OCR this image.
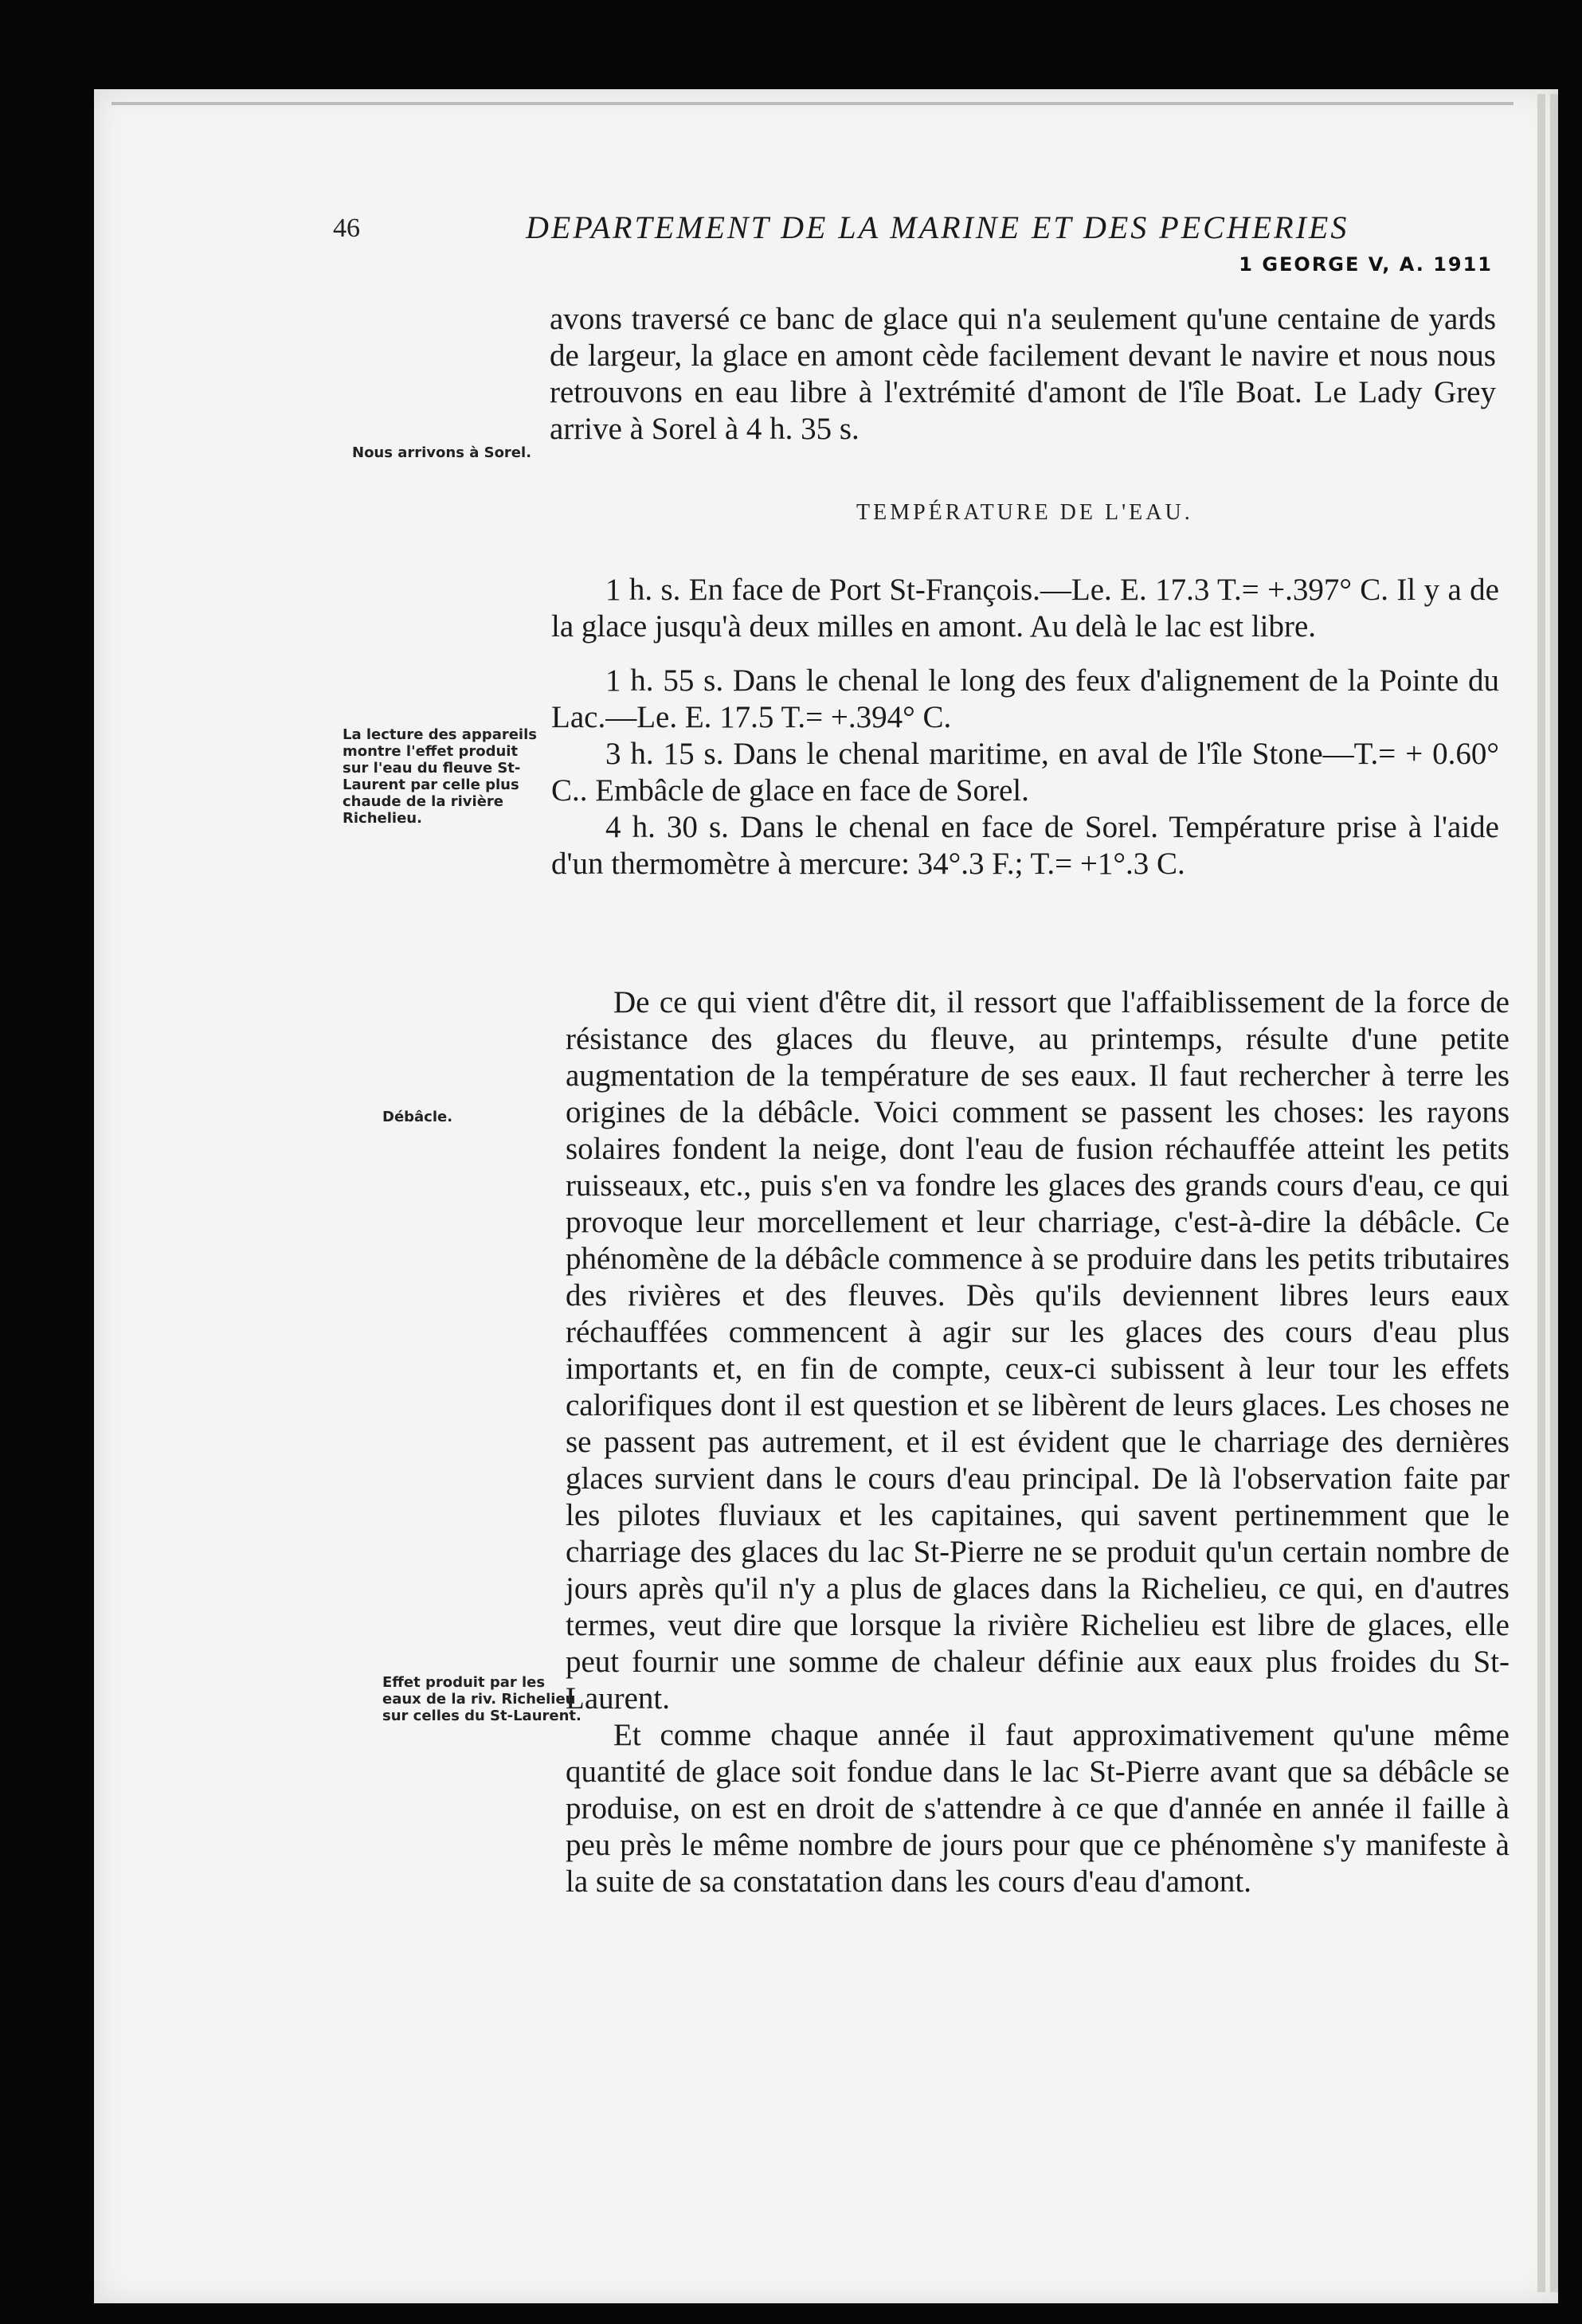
46	DEPARTEMENT DE LA MARINE ET DES PECHERIES
1 GEORGE V, A. 1911

avons traversé ce banc de glace qui n'a seulement qu'une centaine de yards de largeur, la glace en amont cède facilement devant le navire et nous nous retrouvons en eau libre à l'extrémité d'amont de l'île Boat. Le Lady Grey arrive à Sorel à 4 h. 35 s.

Nous arrivons à Sorel.
TEMPÉRATURE DE L'EAU.

1 h. s. En face de Port St-François.—Le. E. 17.3 T.= +.397° C. Il y a de la glace jusqu'à deux milles en amont. Au delà le lac est libre.

1 h. 55 s. Dans le chenal le long des feux d'alignement de la Pointe du Lac.—Le. E. 17.5 T.= +.394° C.

3 h. 15 s. Dans le chenal maritime, en aval de l'île Stone—T.= + 0.60° C.. Embâcle de glace en face de Sorel.

4 h. 30 s. Dans le chenal en face de Sorel. Température prise à l'aide d'un thermomètre à mercure: 34°.3 F.; T.= +1°.3 C.

La lecture des appareils montre l'effet produit sur l'eau du fleuve St-Laurent par celle plus chaude de la rivière Richelieu.

De ce qui vient d'être dit, il ressort que l'affaiblissement de la force de résistance des glaces du fleuve, au printemps, résulte d'une petite augmentation de la température de ses eaux. Il faut rechercher à terre les origines de la débâcle. Voici comment se passent les choses: les rayons solaires fondent la neige, dont l'eau de fusion réchauffée atteint les petits ruisseaux, etc., puis s'en va fondre les glaces des grands cours d'eau, ce qui provoque leur morcellement et leur charriage, c'est-à-dire la débâcle. Ce phénomène de la débâcle commence à se produire dans les petits tributaires des rivières et des fleuves. Dès qu'ils deviennent libres leurs eaux réchauffées commencent à agir sur les glaces des cours d'eau plus importants et, en fin de compte, ceux-ci subissent à leur tour les effets calorifiques dont il est question et se libèrent de leurs glaces. Les choses ne se passent pas autrement, et il est évident que le charriage des dernières glaces survient dans le cours d'eau principal. De là l'observation faite par les pilotes fluviaux et les capitaines, qui savent pertinemment que le charriage des glaces du lac St-Pierre ne se produit qu'un certain nombre de jours après qu'il n'y a plus de glaces dans la Richelieu, ce qui, en d'autres termes, veut dire que lorsque la rivière Richelieu est libre de glaces, elle peut fournir une somme de chaleur définie aux eaux plus froides du St-Laurent.

Et comme chaque année il faut approximativement qu'une même quantité de glace soit fondue dans le lac St-Pierre avant que sa débâcle se produise, on est en droit de s'attendre à ce que d'année en année il faille à peu près le même nombre de jours pour que ce phénomène s'y manifeste à la suite de sa constatation dans les cours d'eau d'amont.

Débâcle.
Effet produit par les eaux de la riv. Richelieu sur celles du St-Laurent.
